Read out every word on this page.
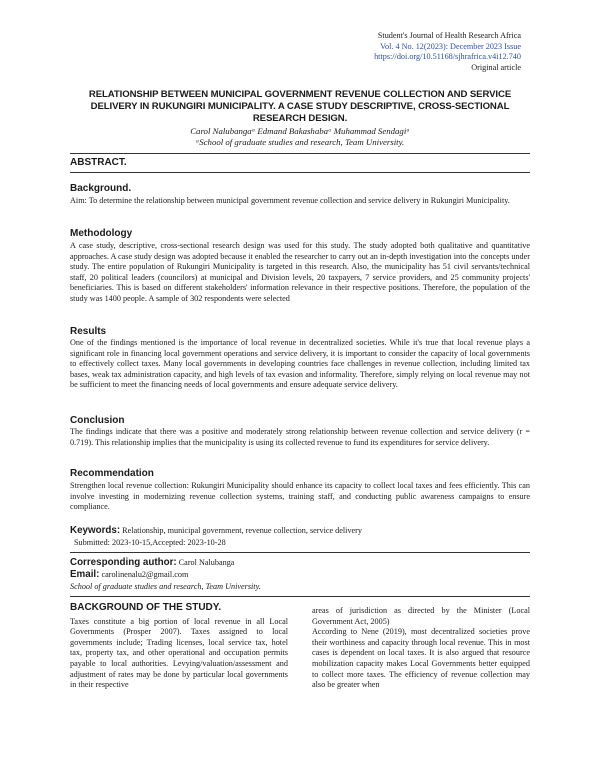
Student's Journal of Health Research Africa
Vol. 4 No. 12(2023): December 2023 Issue
https://doi.org/10.51168/sjhrafrica.v4i12.740
Original article
RELATIONSHIP BETWEEN MUNICIPAL GOVERNMENT REVENUE COLLECTION AND SERVICE DELIVERY IN RUKUNGIRI MUNICIPALITY. A CASE STUDY DESCRIPTIVE, CROSS-SECTIONAL RESEARCH DESIGN.
Carol Nalubangaᵃ Edmand Bakashabaᵃ Muhammad Sendagiᵃ
ᵃSchool of graduate studies and research, Team University.
ABSTRACT.
Background.
Aim: To determine the relationship between municipal government revenue collection and service delivery in Rukungiri Municipality.
Methodology
A case study, descriptive, cross-sectional research design was used for this study. The study adopted both qualitative and quantitative approaches. A case study design was adopted because it enabled the researcher to carry out an in-depth investigation into the concepts under study. The entire population of Rukungiri Municipality is targeted in this research. Also, the municipality has 51 civil servants/technical staff, 20 political leaders (councilors) at municipal and Division levels, 20 taxpayers, 7 service providers, and 25 community projects' beneficiaries. This is based on different stakeholders' information relevance in their respective positions. Therefore, the population of the study was 1400 people. A sample of 302 respondents were selected
Results
One of the findings mentioned is the importance of local revenue in decentralized societies. While it's true that local revenue plays a significant role in financing local government operations and service delivery, it is important to consider the capacity of local governments to effectively collect taxes. Many local governments in developing countries face challenges in revenue collection, including limited tax bases, weak tax administration capacity, and high levels of tax evasion and informality. Therefore, simply relying on local revenue may not be sufficient to meet the financing needs of local governments and ensure adequate service delivery.
Conclusion
The findings indicate that there was a positive and moderately strong relationship between revenue collection and service delivery (r = 0.719). This relationship implies that the municipality is using its collected revenue to fund its expenditures for service delivery.
Recommendation
Strengthen local revenue collection: Rukungiri Municipality should enhance its capacity to collect local taxes and fees efficiently. This can involve investing in modernizing revenue collection systems, training staff, and conducting public awareness campaigns to ensure compliance.
Keywords: Relationship, municipal government, revenue collection, service delivery
Submitted: 2023-10-15,Accepted: 2023-10-28
Corresponding author: Carol Nalubanga
Email: carolinenalu2@gmail.com
School of graduate studies and research, Team University.
BACKGROUND OF THE STUDY.

Taxes constitute a big portion of local revenue in all Local Governments (Prosper 2007). Taxes assigned to local governments include; Trading licenses, local service tax, hotel tax, property tax, and other operational and occupation permits payable to local authorities. Levying/valuation/assessment and adjustment of rates may be done by particular local governments in their respective

areas of jurisdiction as directed by the Minister (Local Government Act, 2005)

According to Nene (2019), most decentralized societies prove their worthiness and capacity through local revenue. This in most cases is dependent on local taxes. It is also argued that resource mobilization capacity makes Local Governments better equipped to collect more taxes. The efficiency of revenue collection may also be greater when
